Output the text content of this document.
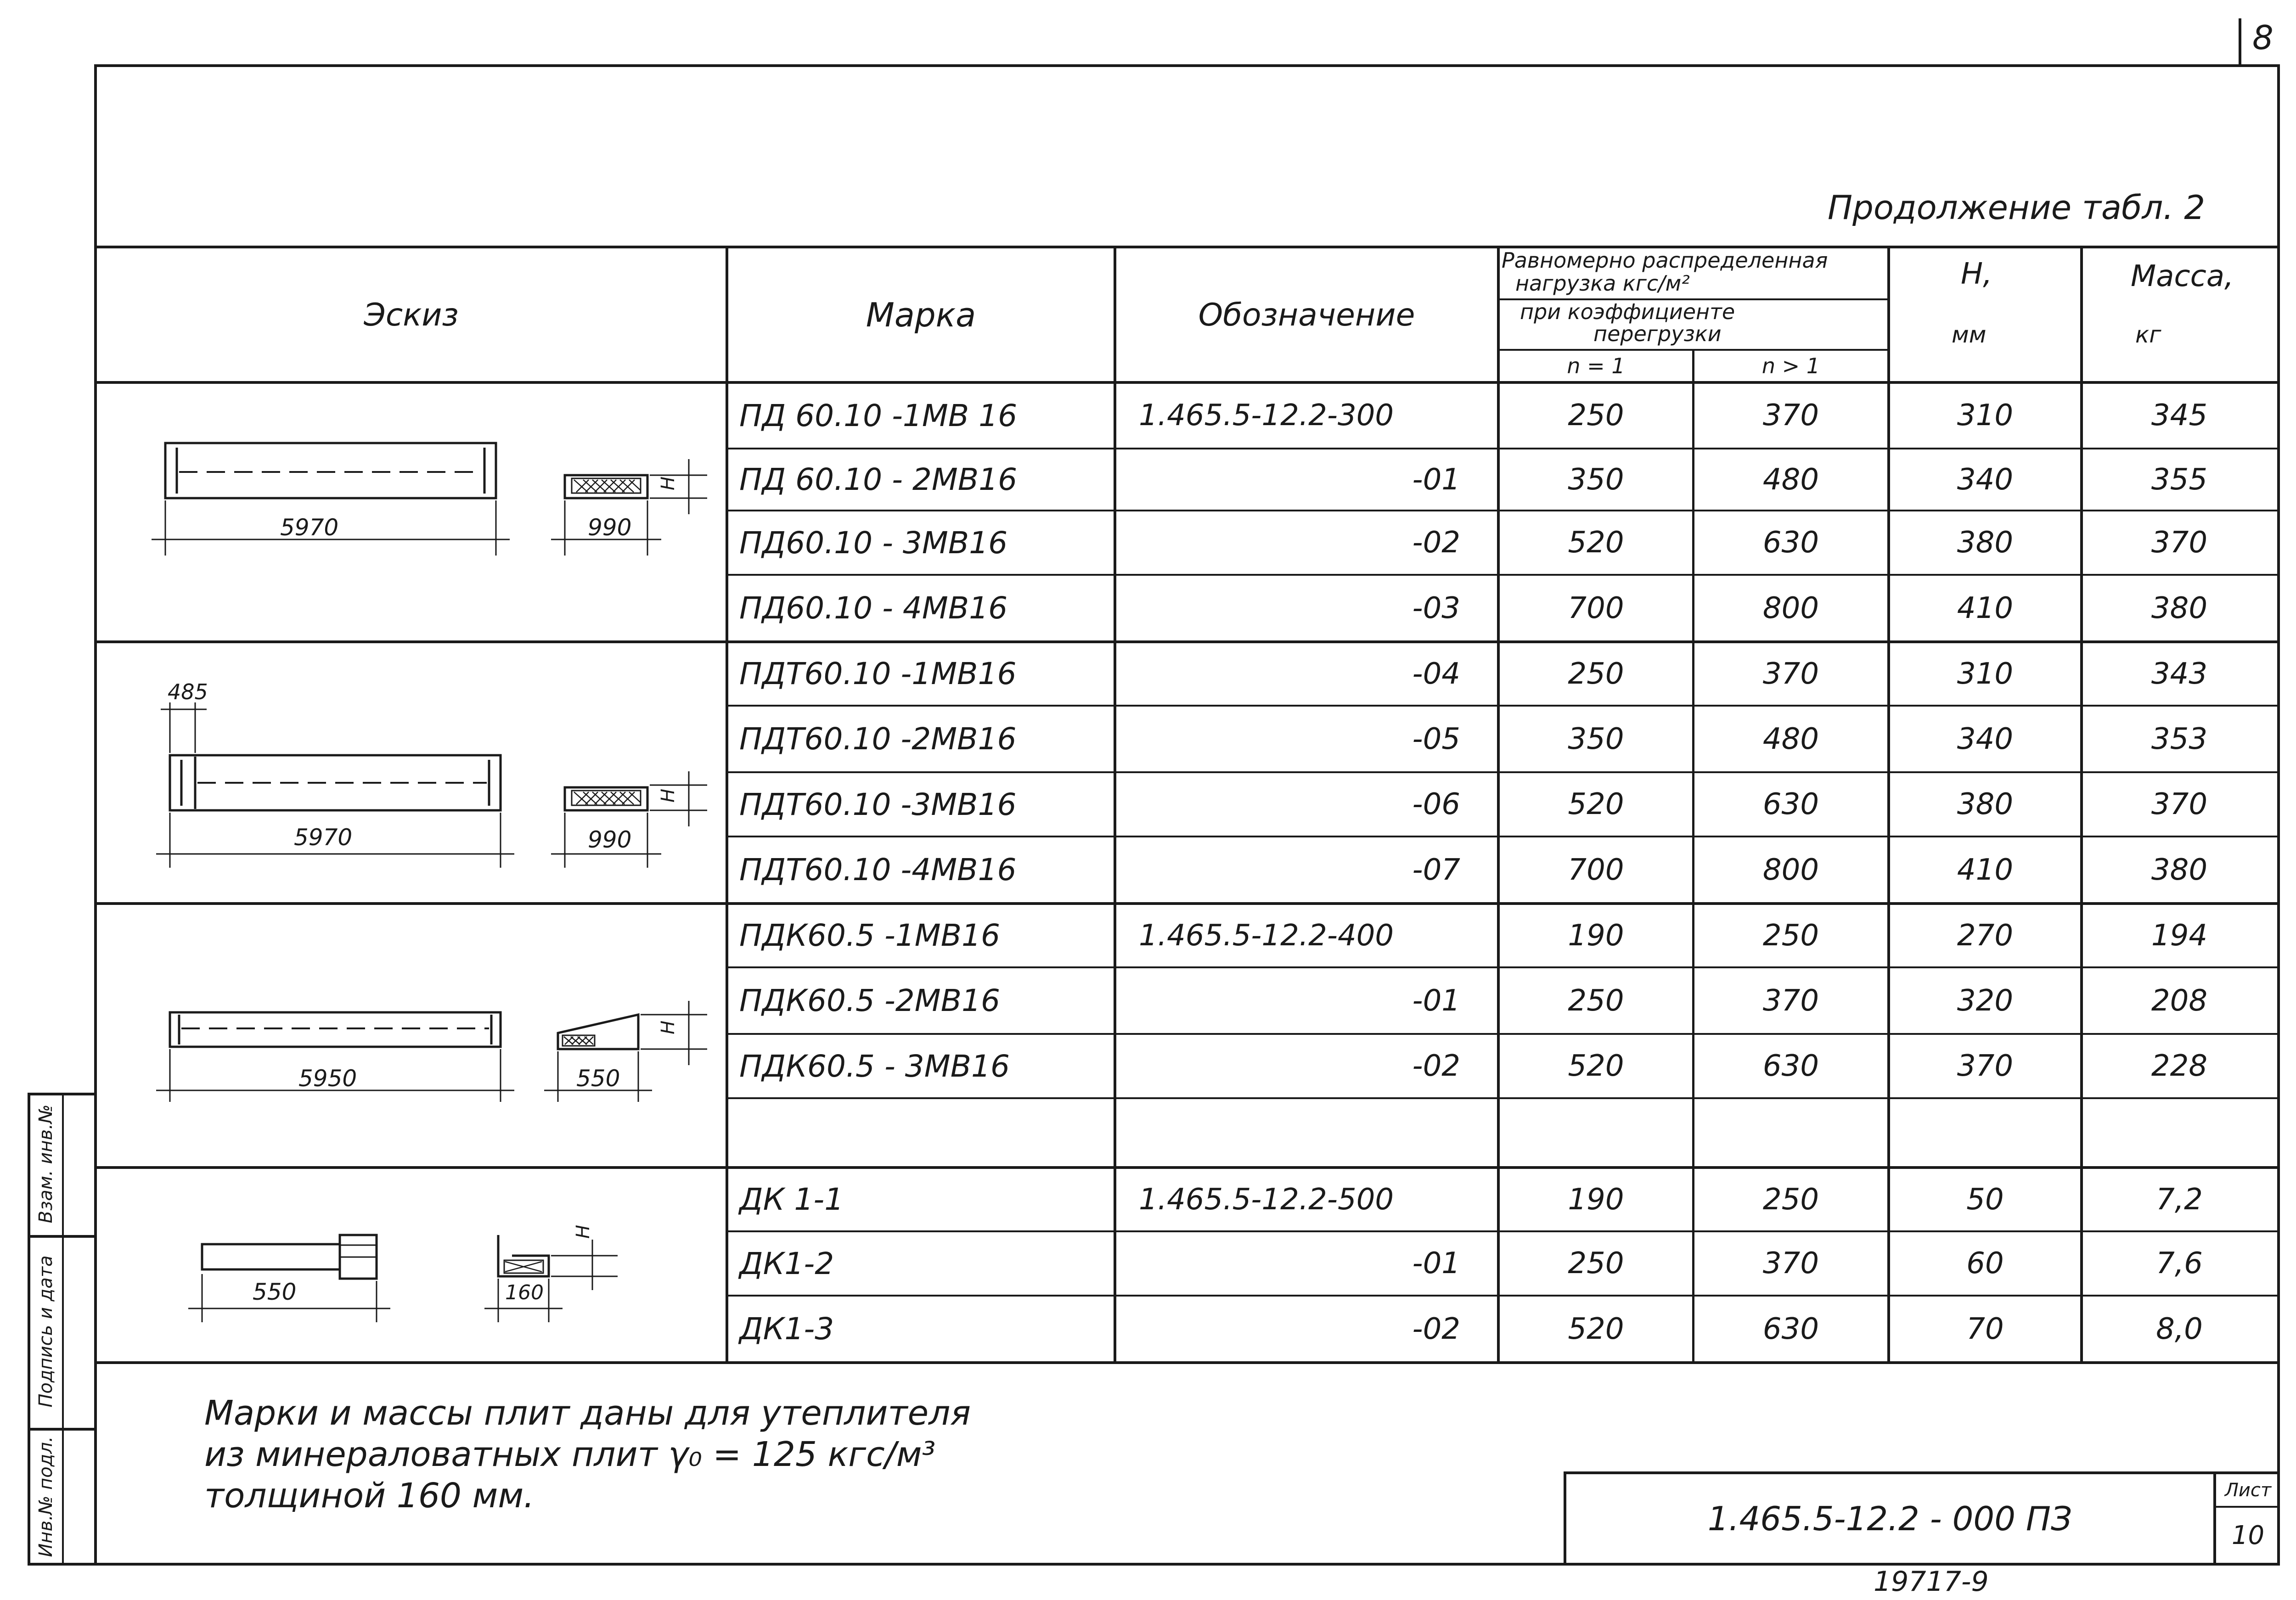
8
Продолжение табл. 2
Взам. инв.№
Подпись и дата
Инв.№ подл.
Эскиз	Марка	Обозначение
Равномерно распределенная
нагрузка кгс/м²
при коэффициенте
перегрузки
n = 1	n > 1
H,
мм
Масса,
кг
ПД 60.10 -1МВ 16	1.465.5-12.2-300	250	370	310	345
ПД 60.10 - 2МВ16	-01	350	480	340	355
ПД60.10 - 3МВ16	-02	520	630	380	370
ПД60.10 - 4МВ16	-03	700	800	410	380
ПДТ60.10 -1МВ16	-04	250	370	310	343
ПДТ60.10 -2МВ16	-05	350	480	340	353
ПДТ60.10 -3МВ16	-06	520	630	380	370
ПДТ60.10 -4МВ16	-07	700	800	410	380
ПДК60.5 -1МВ16	1.465.5-12.2-400	190	250	270	194
ПДК60.5 -2МВ16	-01	250	370	320	208
ПДК60.5 - 3МВ16	-02	520	630	370	228
ДК 1-1	1.465.5-12.2-500	190	250	50	7,2
ДК1-2	-01	250	370	60	7,6
ДК1-3	-02	520	630	70	8,0
5970	990
H
485
5970	990
H
5950	550
H
550	160
H
Марки и массы плит даны для утеплителя
из минераловатных плит γ₀ = 125 кгс/м³
толщиной 160 мм.
1.465.5-12.2 - 000 ПЗ
Лист
10
19717-9
